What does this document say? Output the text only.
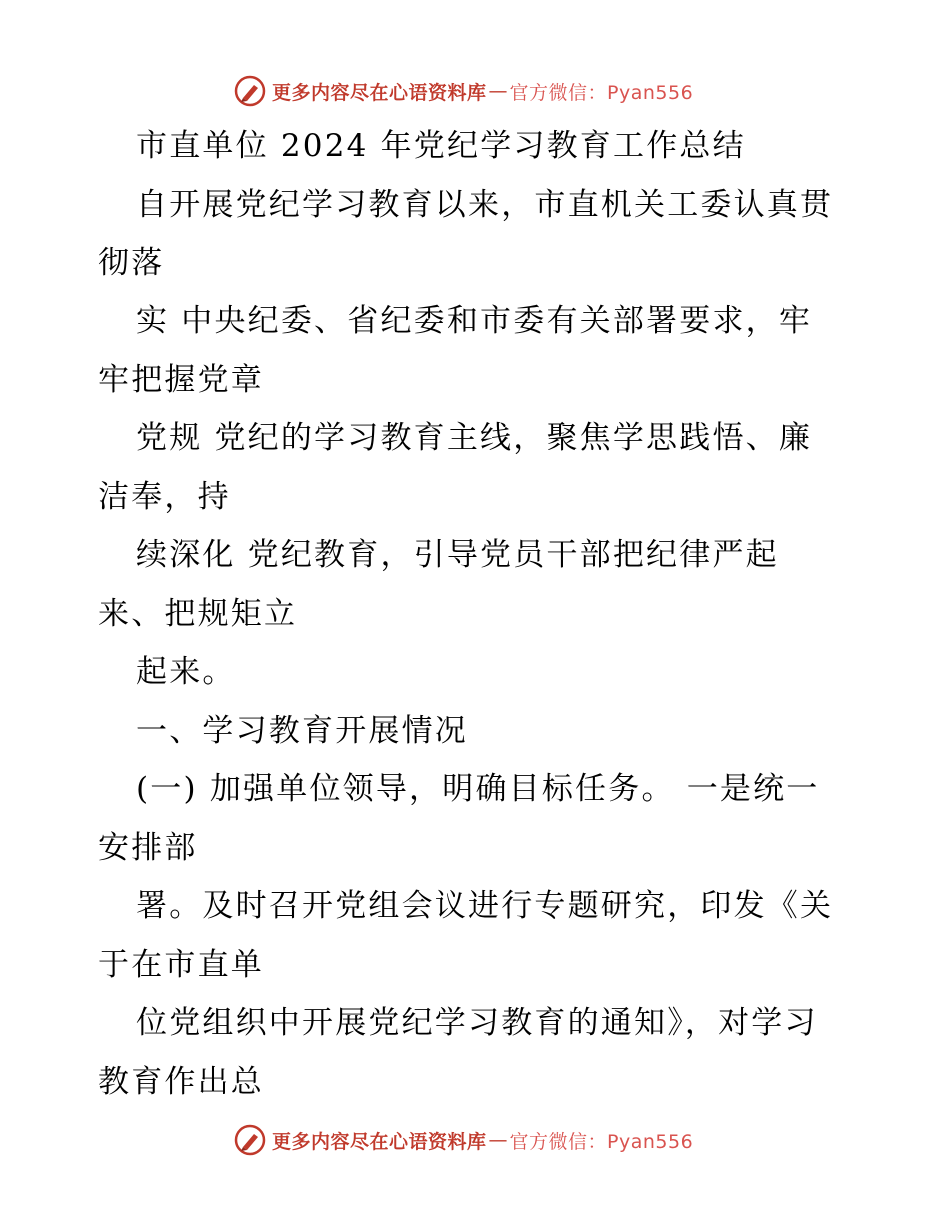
更多内容尽在心语资料库 — 官方微信：Pyan556
市直单位 2024 年党纪学习教育工作总结
自开展党纪学习教育以来，市直机关工委认真贯
彻落
实 中央纪委、省纪委和市委有关部署要求，牢
牢把握党章
党规 党纪的学习教育主线，聚焦学思践悟、廉
洁奉，持
续深化 党纪教育，引导党员干部把纪律严起
来、把规矩立
起来。
一、学习教育开展情况
(一) 加强单位领导，明确目标任务。 一是统一
安排部
署。及时召开党组会议进行专题研究，印发《关
于在市直单
位党组织中开展党纪学习教育的通知》，对学习
教育作出总
更多内容尽在心语资料库 — 官方微信：Pyan556
